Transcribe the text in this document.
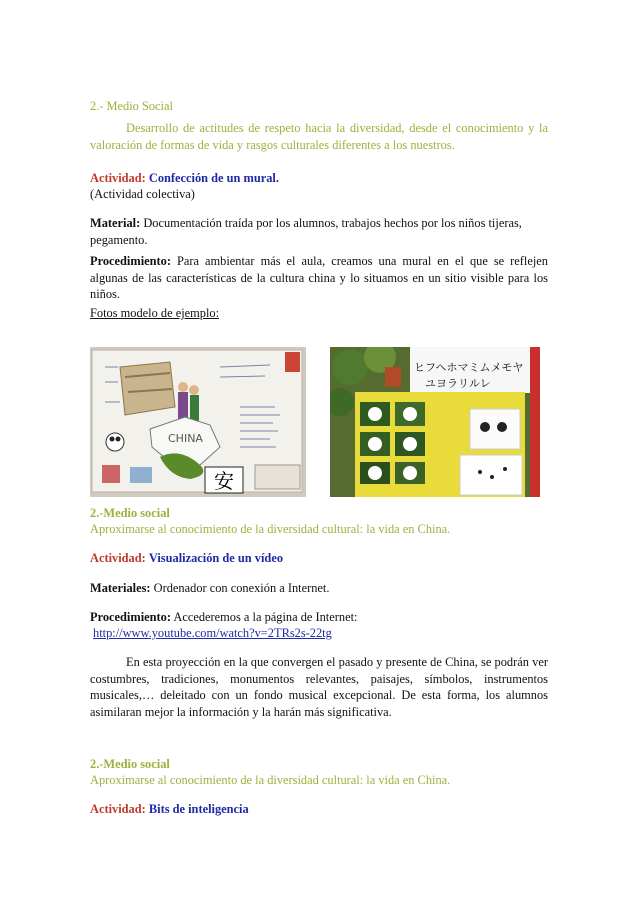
2.- Medio Social
Desarrollo de actitudes de respeto hacia la diversidad, desde el conocimiento y la valoración de formas de vida y rasgos culturales diferentes a los nuestros.
Actividad: Confección de un mural.
(Actividad colectiva)
Material: Documentación traída por los alumnos, trabajos hechos por los niños tijeras, pegamento.
Procedimiento: Para ambientar más el aula, creamos una mural en el que se reflejen algunas de las características de la cultura china y lo situamos en un sitio visible para los niños.
Fotos modelo de ejemplo:
CHINA
安
ヒフヘホマミムメモヤ
ユヨラリルレ
2.-Medio social
Aproximarse al conocimiento de la diversidad cultural: la vida en China.
Actividad: Visualización de un vídeo
Materiales: Ordenador con conexión a Internet.
Procedimiento: Accederemos a la página de Internet:
http://www.youtube.com/watch?v=2TRs2s-22tg
En esta proyección en la que convergen el pasado y presente de China, se podrán ver costumbres, tradiciones, monumentos relevantes, paisajes, símbolos, instrumentos musicales,… deleitado con un fondo musical excepcional. De esta forma, los alumnos asimilaran mejor la información y la harán más significativa.
2.-Medio social
Aproximarse al conocimiento de la diversidad cultural: la vida en China.
Actividad: Bits de inteligencia
